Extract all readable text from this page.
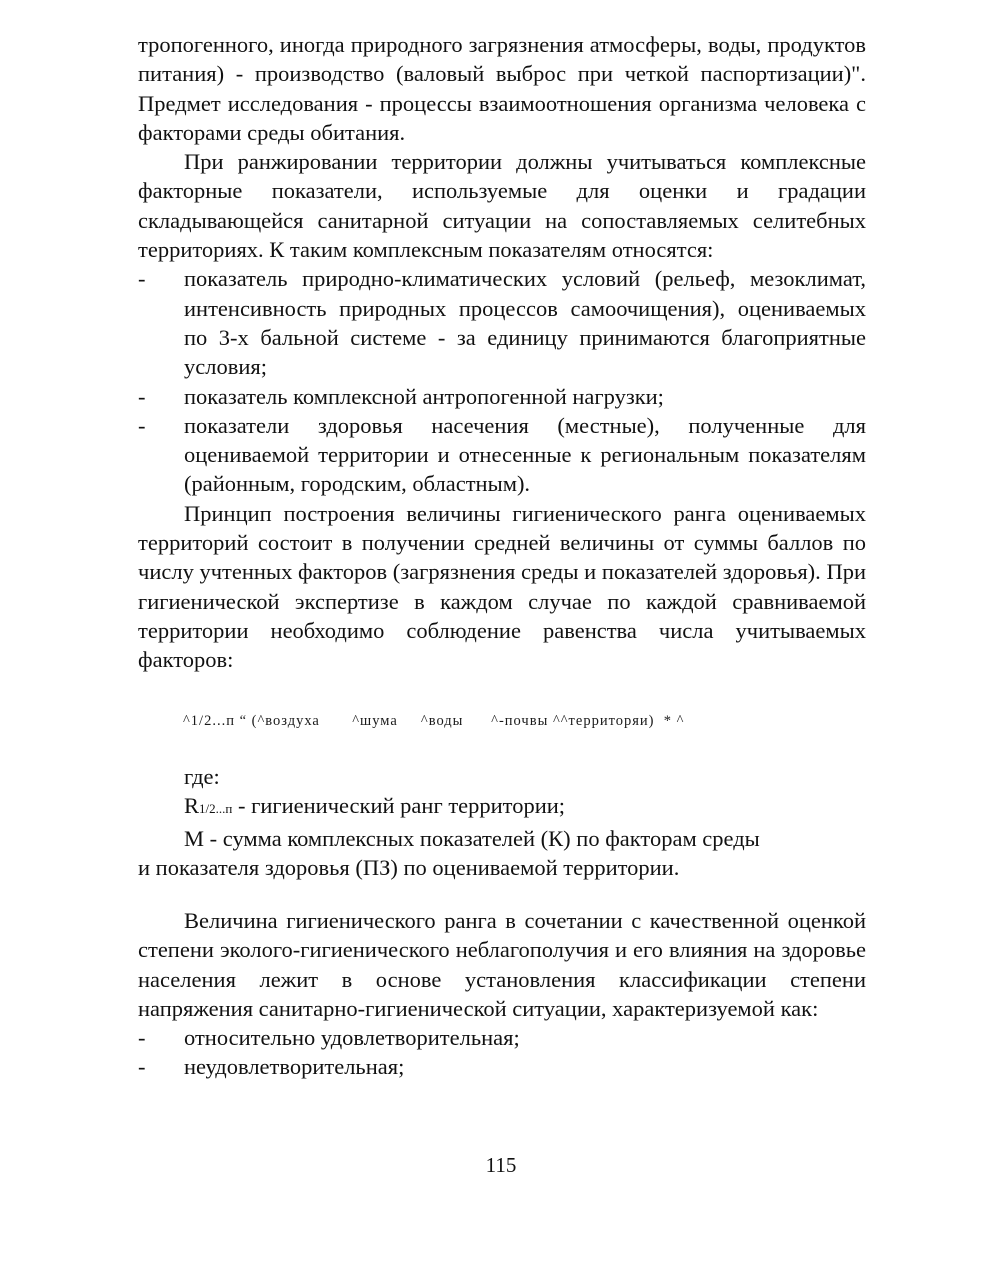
тропогенного, иногда природного загрязнения атмосферы, воды, продуктов питания) - производство (валовый выброс при четкой паспортизации)". Предмет исследования - процессы взаимоотношения организма человека с факторами среды обитания.

При ранжировании территории должны учитываться комплексные факторные показатели, используемые для оценки и градации складывающейся санитарной ситуации на сопоставляемых селитебных территориях. К таким комплексным показателям относятся:

- показатель природно-климатических условий (рельеф, мезоклимат, интенсивность природных процессов самоочищения), оцениваемых по 3-х бальной системе - за единицу принимаются благоприятные условия;
- показатель комплексной антропогенной нагрузки;
- показатели здоровья насечения (местные), полученные для оцениваемой территории и отнесенные к региональным показателям (районным, городским, областным).

Принцип построения величины гигиенического ранга оцениваемых территорий состоит в получении средней величины от суммы баллов по числу учтенных факторов (загрязнения среды и показателей здоровья). При гигиенической экспертизе в каждом случае по каждой сравниваемой территории необходимо соблюдение равенства числа учитываемых факторов:

^1/2...п “ (^воздуха       ^шума     ^воды      ^-почвы ^^территоряи)  * ^
где:
R1/2...п - гигиенический ранг территории;
М - сумма комплексных показателей (К) по факторам среды
и показателя здоровья (ПЗ) по оцениваемой территории.

Величина гигиенического ранга в сочетании с качественной оценкой степени эколого-гигиенического неблагополучия и его влияния на здоровье населения лежит в основе установления классификации степени напряжения санитарно-гигиенической ситуации, характеризуемой как:

- относительно удовлетворительная;
- неудовлетворительная;
115
